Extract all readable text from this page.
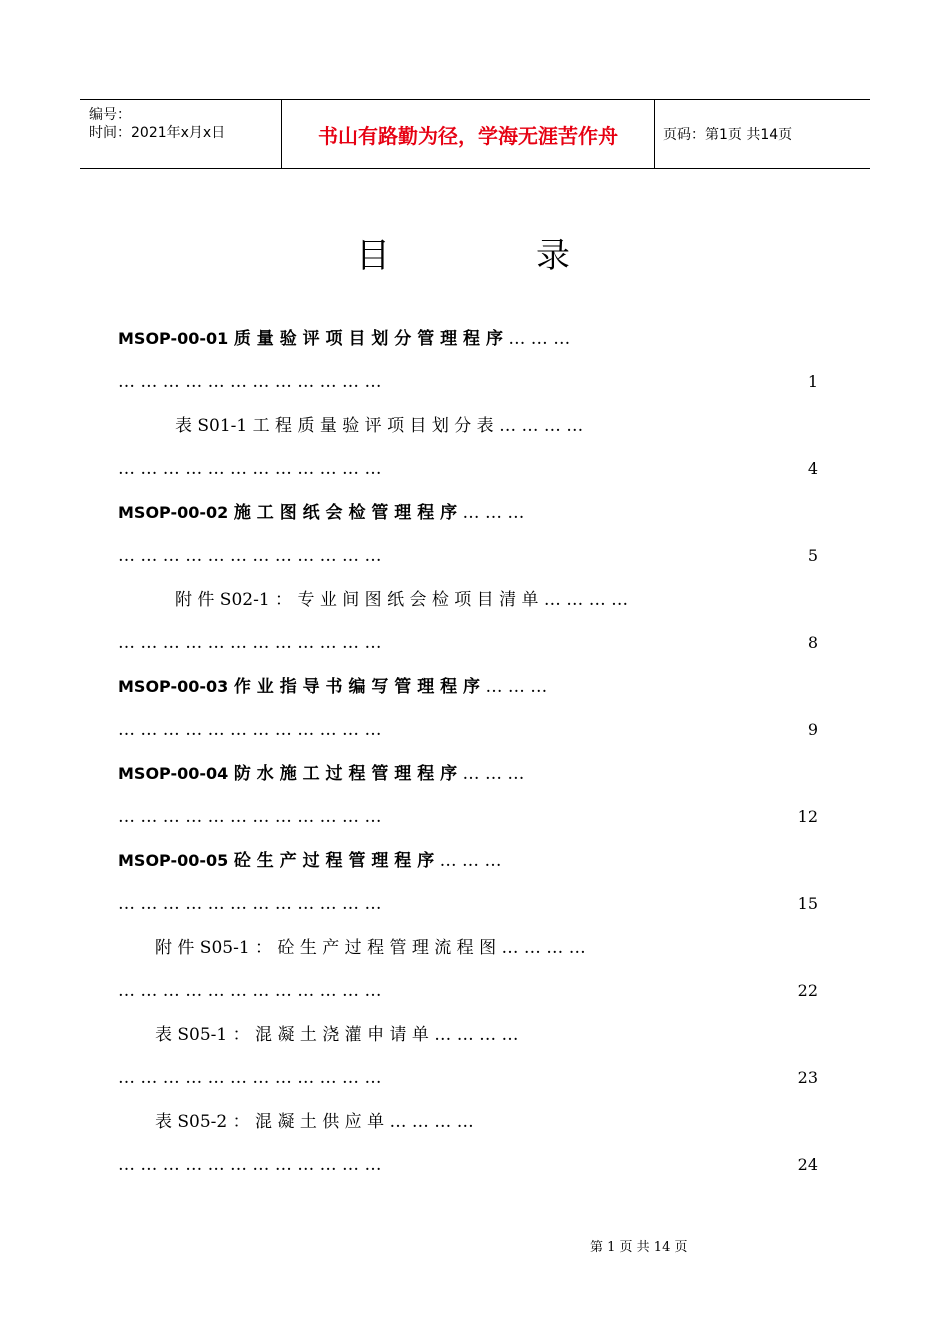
编号：
时间：2021年x月x日	书山有路勤为径，学海无涯苦作舟	页码：第1页 共14页
目	录
MSOP-00-01 质 量 验 评 项 目 划 分 管 理 程 序 … … …
… … … … … … … … … … … …	1
表 S01-1 工 程 质 量 验 评 项 目 划 分 表 … … … …
… … … … … … … … … … … …	4
MSOP-00-02 施 工 图 纸 会 检 管 理 程 序 … … …
… … … … … … … … … … … …	5
附 件 S02-1 ： 专 业 间 图 纸 会 检 项 目 清 单 … … … …
… … … … … … … … … … … …	8
MSOP-00-03 作 业 指 导 书 编 写 管 理 程 序 … … …
… … … … … … … … … … … …	9
MSOP-00-04 防 水 施 工 过 程 管 理 程 序 … … …
… … … … … … … … … … … …	12
MSOP-00-05 砼 生 产 过 程 管 理 程 序 … … …
… … … … … … … … … … … …	15
附 件 S05-1 ： 砼 生 产 过 程 管 理 流 程 图 … … … …
… … … … … … … … … … … …	22
表 S05-1 ： 混 凝 土 浇 灌 申 请 单 … … … …
… … … … … … … … … … … …	23
表 S05-2 ： 混 凝 土 供 应 单 … … … …
… … … … … … … … … … … …	24
第 1 页 共 14 页
